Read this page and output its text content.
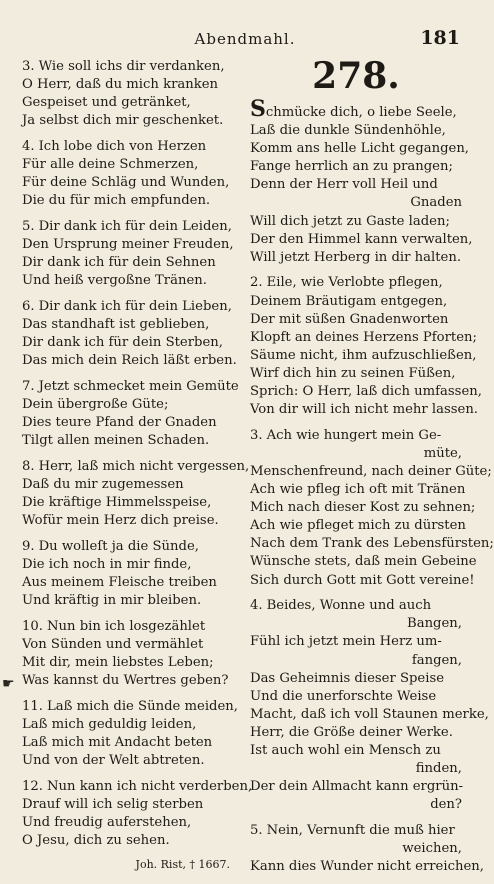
Abendmahl.	181
3. Wie soll ichs dir verdanken,
O Herr, daß du mich kranken
Gespeiset und getränket,
Ja selbst dich mir geschenket.
4. Ich lobe dich von Herzen
Für alle deine Schmerzen,
Für deine Schläg und Wunden,
Die du für mich empfunden.
5. Dir dank ich für dein Leiden,
Den Ursprung meiner Freuden,
Dir dank ich für dein Sehnen
Und heiß vergoßne Tränen.
6. Dir dank ich für dein Lieben,
Das standhaft ist geblieben,
Dir dank ich für dein Sterben,
Das mich dein Reich läßt erben.
7. Jetzt schmecket mein Gemüte
Dein übergroße Güte;
Dies teure Pfand der Gnaden
Tilgt allen meinen Schaden.
8. Herr, laß mich nicht vergessen,
Daß du mir zugemessen
Die kräftige Himmelsspeise,
Wofür mein Herz dich preise.
9. Du wolleſt ja die Sünde,
Die ich noch in mir finde,
Aus meinem Fleische treiben
Und kräftig in mir bleiben.
10. Nun bin ich losgezählet
Von Sünden und vermählet
Mit dir, mein liebstes Leben;
Was kannst du Wertres geben?
11. Laß mich die Sünde meiden,
Laß mich geduldig leiden,
Laß mich mit Andacht beten
Und von der Welt abtreten.
12. Nun kann ich nicht verderben,
Drauf will ich selig sterben
Und freudig auferstehen,
O Jesu, dich zu sehen.
Joh. Rist, † 1667.
☛
278.
Schmücke dich, o liebe Seele,
Laß die dunkle Sündenhöhle,
Komm ans helle Licht gegangen,
Fange herrlich an zu prangen;
Denn der Herr voll Heil und
Gnaden
Will dich jetzt zu Gaste laden;
Der den Himmel kann verwalten,
Will jetzt Herberg in dir halten.
2. Eile, wie Verlobte pflegen,
Deinem Bräutigam entgegen,
Der mit süßen Gnadenworten
Klopft an deines Herzens Pforten;
Säume nicht, ihm aufzuschließen,
Wirf dich hin zu seinen Füßen,
Sprich: O Herr, laß dich umfassen,
Von dir will ich nicht mehr lassen.
3. Ach wie hungert mein Ge-
müte,
Menschenfreund, nach deiner Güte;
Ach wie pfleg ich oft mit Tränen
Mich nach dieser Kost zu sehnen;
Ach wie pfleget mich zu dürsten
Nach dem Trank des Lebensfürsten;
Wünsche stets, daß mein Gebeine
Sich durch Gott mit Gott vereine!
4. Beides, Wonne und auch
Bangen,
Fühl ich jetzt mein Herz um-
fangen,
Das Geheimnis dieser Speise
Und die unerforschte Weise
Macht, daß ich voll Staunen merke,
Herr, die Größe deiner Werke.
Ist auch wohl ein Mensch zu
finden,
Der dein Allmacht kann ergrün-
den?
5. Nein, Vernunft die muß hier
weichen,
Kann dies Wunder nicht erreichen,
